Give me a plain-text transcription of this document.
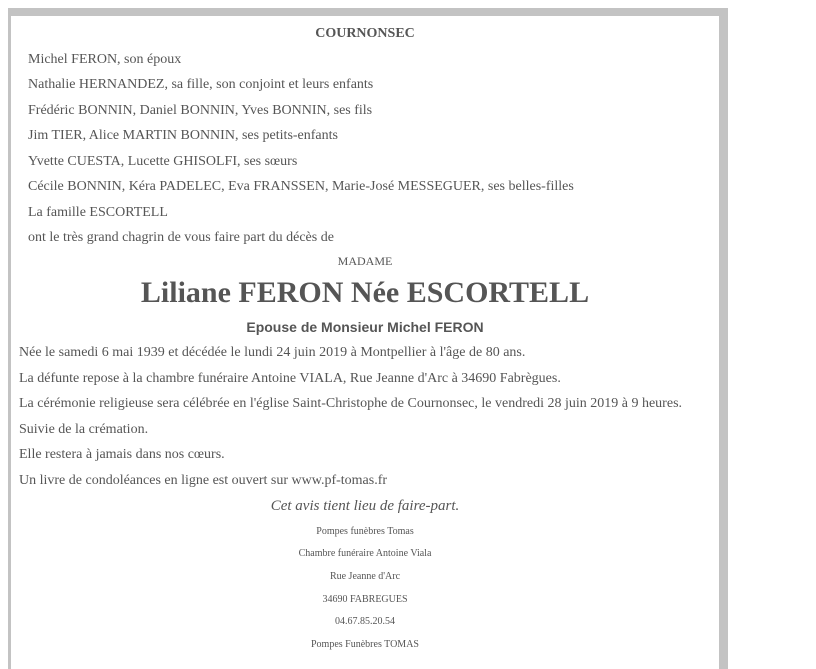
COURNONSEC
Michel FERON, son époux
Nathalie HERNANDEZ, sa fille, son conjoint et leurs enfants
Frédéric BONNIN, Daniel BONNIN, Yves BONNIN, ses fils
Jim TIER, Alice MARTIN BONNIN, ses petits-enfants
Yvette CUESTA, Lucette GHISOLFI, ses sœurs
Cécile BONNIN, Kéra PADELEC, Eva FRANSSEN, Marie-José MESSEGUER, ses belles-filles
La famille ESCORTELL
ont le très grand chagrin de vous faire part du décès de
MADAME
Liliane FERON Née ESCORTELL
Epouse de Monsieur Michel FERON
Née le samedi 6 mai 1939 et décédée le lundi 24 juin 2019 à Montpellier à l'âge de 80 ans.
La défunte repose à la chambre funéraire Antoine VIALA, Rue Jeanne d'Arc à 34690 Fabrègues.
La cérémonie religieuse sera célébrée en l'église Saint-Christophe de Cournonsec, le vendredi 28 juin 2019 à 9 heures.
Suivie de la crémation.
Elle restera à jamais dans nos cœurs.
Un livre de condoléances en ligne est ouvert sur www.pf-tomas.fr
Cet avis tient lieu de faire-part.
Pompes funèbres Tomas
Chambre funéraire Antoine Viala
Rue Jeanne d'Arc
34690 FABREGUES
04.67.85.20.54
Pompes Funèbres TOMAS
